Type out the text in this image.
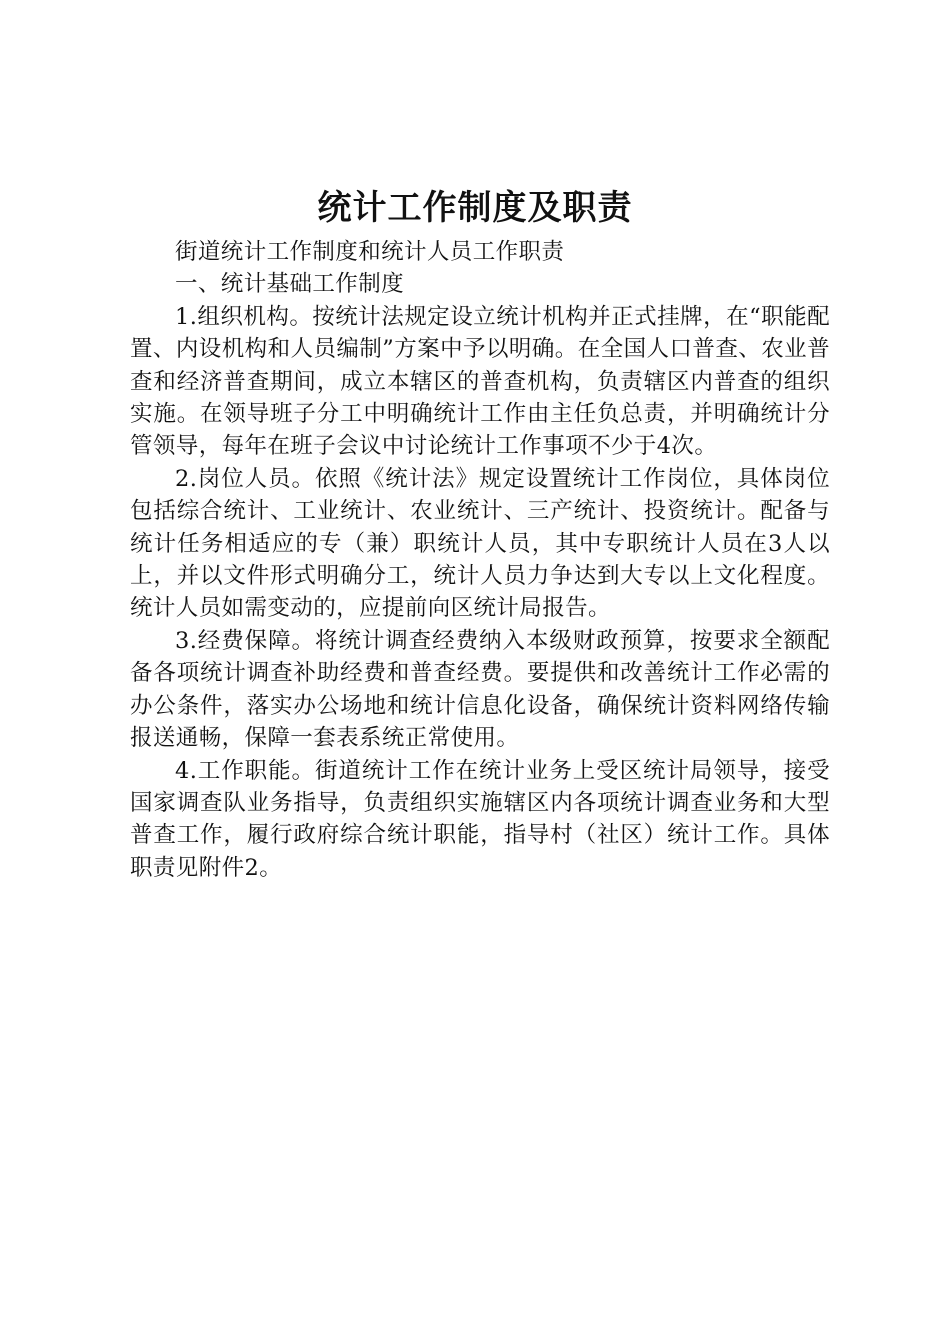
统计工作制度及职责

街道统计工作制度和统计人员工作职责

一、统计基础工作制度

1.组织机构。按统计法规定设立统计机构并正式挂牌，在“职能配置、内设机构和人员编制”方案中予以明确。在全国人口普查、农业普查和经济普查期间，成立本辖区的普查机构，负责辖区内普查的组织实施。在领导班子分工中明确统计工作由主任负总责，并明确统计分管领导，每年在班子会议中讨论统计工作事项不少于4次。

2.岗位人员。依照《统计法》规定设置统计工作岗位，具体岗位包括综合统计、工业统计、农业统计、三产统计、投资统计。配备与统计任务相适应的专（兼）职统计人员，其中专职统计人员在3人以上，并以文件形式明确分工，统计人员力争达到大专以上文化程度。统计人员如需变动的，应提前向区统计局报告。

3.经费保障。将统计调查经费纳入本级财政预算，按要求全额配备各项统计调查补助经费和普查经费。要提供和改善统计工作必需的办公条件，落实办公场地和统计信息化设备，确保统计资料网络传输报送通畅，保障一套表系统正常使用。

4.工作职能。街道统计工作在统计业务上受区统计局领导，接受国家调查队业务指导，负责组织实施辖区内各项统计调查业务和大型普查工作，履行政府综合统计职能，指导村（社区）统计工作。具体职责见附件2。
